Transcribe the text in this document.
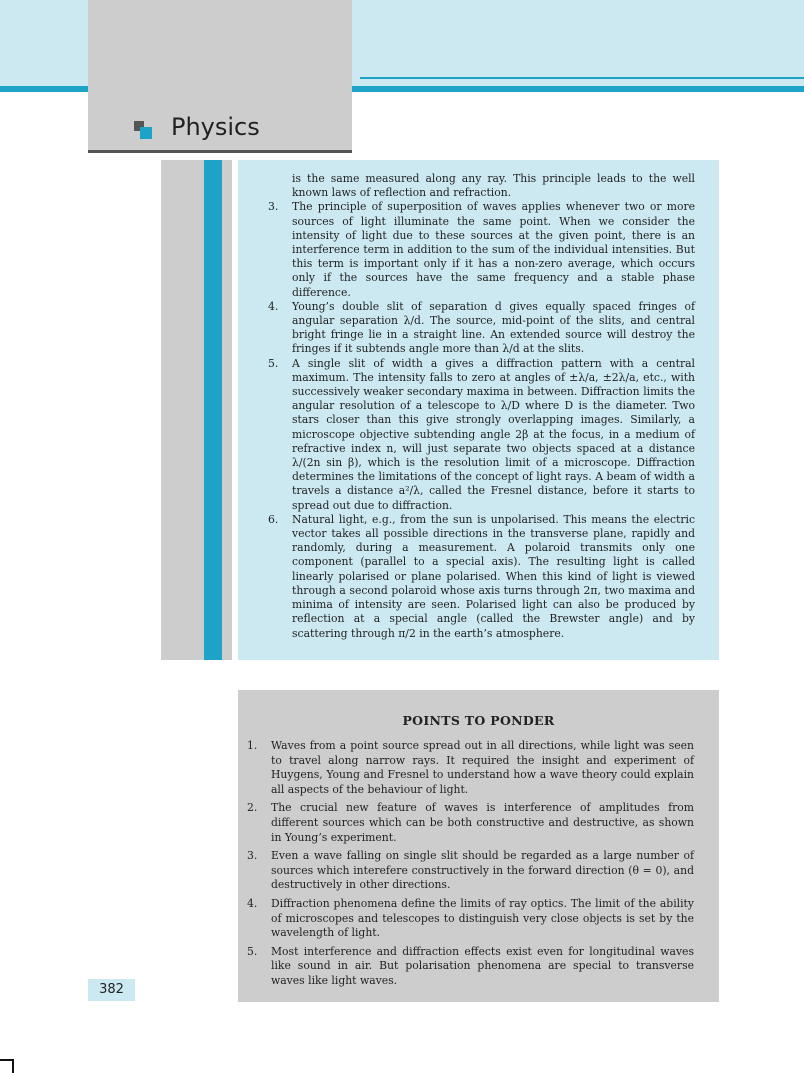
Physics

is the same measured along any ray. This principle leads to the well known laws of reflection and refraction.

3. The principle of superposition of waves applies whenever two or more sources of light illuminate the same point. When we consider the intensity of light due to these sources at the given point, there is an interference term in addition to the sum of the individual intensities. But this term is important only if it has a non-zero average, which occurs only if the sources have the same frequency and a stable phase difference.

4. Young’s double slit of separation d gives equally spaced fringes of angular separation λ/d. The source, mid-point of the slits, and central bright fringe lie in a straight line. An extended source will destroy the fringes if it subtends angle more than λ/d at the slits.

5. A single slit of width a gives a diffraction pattern with a central maximum. The intensity falls to zero at angles of ±λ/a, ±2λ/a, etc., with successively weaker secondary maxima in between. Diffraction limits the angular resolution of a telescope to λ/D where D is the diameter. Two stars closer than this give strongly overlapping images. Similarly, a microscope objective subtending angle 2β at the focus, in a medium of refractive index n, will just separate two objects spaced at a distance λ/(2n sin β), which is the resolution limit of a microscope. Diffraction determines the limitations of the concept of light rays. A beam of width a travels a distance a²/λ, called the Fresnel distance, before it starts to spread out due to diffraction.

6. Natural light, e.g., from the sun is unpolarised. This means the electric vector takes all possible directions in the transverse plane, rapidly and randomly, during a measurement. A polaroid transmits only one component (parallel to a special axis). The resulting light is called linearly polarised or plane polarised. When this kind of light is viewed through a second polaroid whose axis turns through 2π, two maxima and minima of intensity are seen. Polarised light can also be produced by reflection at a special angle (called the Brewster angle) and by scattering through π/2 in the earth’s atmosphere.

POINTS TO PONDER

1. Waves from a point source spread out in all directions, while light was seen to travel along narrow rays. It required the insight and experiment of Huygens, Young and Fresnel to understand how a wave theory could explain all aspects of the behaviour of light.

2. The crucial new feature of waves is interference of amplitudes from different sources which can be both constructive and destructive, as shown in Young’s experiment.

3. Even a wave falling on single slit should be regarded as a large number of sources which interefere constructively in the forward direction (θ = 0), and destructively in other directions.

4. Diffraction phenomena define the limits of ray optics. The limit of the ability of microscopes and telescopes to distinguish very close objects is set by the wavelength of light.

5. Most interference and diffraction effects exist even for longitudinal waves like sound in air. But polarisation phenomena are special to transverse waves like light waves.

382
